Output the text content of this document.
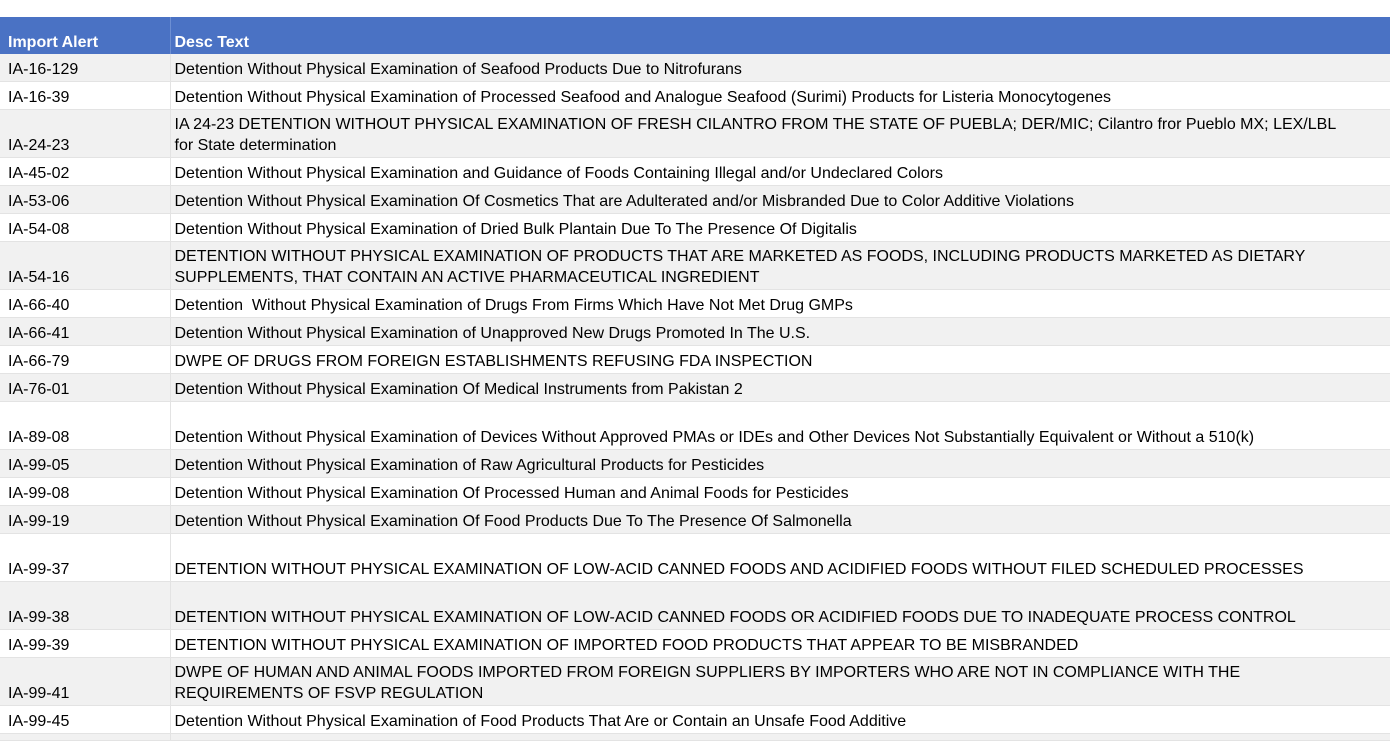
Import Alert	Desc Text
IA-16-129	Detention Without Physical Examination of Seafood Products Due to Nitrofurans
IA-16-39	Detention Without Physical Examination of Processed Seafood and Analogue Seafood (Surimi) Products for Listeria Monocytogenes
IA-24-23	IA 24-23 DETENTION WITHOUT PHYSICAL EXAMINATION OF FRESH CILANTRO FROM THE STATE OF PUEBLA; DER/MIC; Cilantro fror Pueblo MX; LEX/LBL for State determination
IA-45-02	Detention Without Physical Examination and Guidance of Foods Containing Illegal and/or Undeclared Colors
IA-53-06	Detention Without Physical Examination Of Cosmetics That are Adulterated and/or Misbranded Due to Color Additive Violations
IA-54-08	Detention Without Physical Examination of Dried Bulk Plantain Due To The Presence Of Digitalis
IA-54-16	DETENTION WITHOUT PHYSICAL EXAMINATION OF PRODUCTS THAT ARE MARKETED AS FOODS, INCLUDING PRODUCTS MARKETED AS DIETARY SUPPLEMENTS, THAT CONTAIN AN ACTIVE PHARMACEUTICAL INGREDIENT
IA-66-40	Detention  Without Physical Examination of Drugs From Firms Which Have Not Met Drug GMPs
IA-66-41	Detention Without Physical Examination of Unapproved New Drugs Promoted In The U.S.
IA-66-79	DWPE OF DRUGS FROM FOREIGN ESTABLISHMENTS REFUSING FDA INSPECTION
IA-76-01	Detention Without Physical Examination Of Medical Instruments from Pakistan 2
IA-89-08	Detention Without Physical Examination of Devices Without Approved PMAs or IDEs and Other Devices Not Substantially Equivalent or Without a 510(k)
IA-99-05	Detention Without Physical Examination of Raw Agricultural Products for Pesticides
IA-99-08	Detention Without Physical Examination Of Processed Human and Animal Foods for Pesticides
IA-99-19	Detention Without Physical Examination Of Food Products Due To The Presence Of Salmonella
IA-99-37	DETENTION WITHOUT PHYSICAL EXAMINATION OF LOW-ACID CANNED FOODS AND ACIDIFIED FOODS WITHOUT FILED SCHEDULED PROCESSES
IA-99-38	DETENTION WITHOUT PHYSICAL EXAMINATION OF LOW-ACID CANNED FOODS OR ACIDIFIED FOODS DUE TO INADEQUATE PROCESS CONTROL
IA-99-39	DETENTION WITHOUT PHYSICAL EXAMINATION OF IMPORTED FOOD PRODUCTS THAT APPEAR TO BE MISBRANDED
IA-99-41	DWPE OF HUMAN AND ANIMAL FOODS IMPORTED FROM FOREIGN SUPPLIERS BY IMPORTERS WHO ARE NOT IN COMPLIANCE WITH THE REQUIREMENTS OF FSVP REGULATION
IA-99-45	Detention Without Physical Examination of Food Products That Are or Contain an Unsafe Food Additive
